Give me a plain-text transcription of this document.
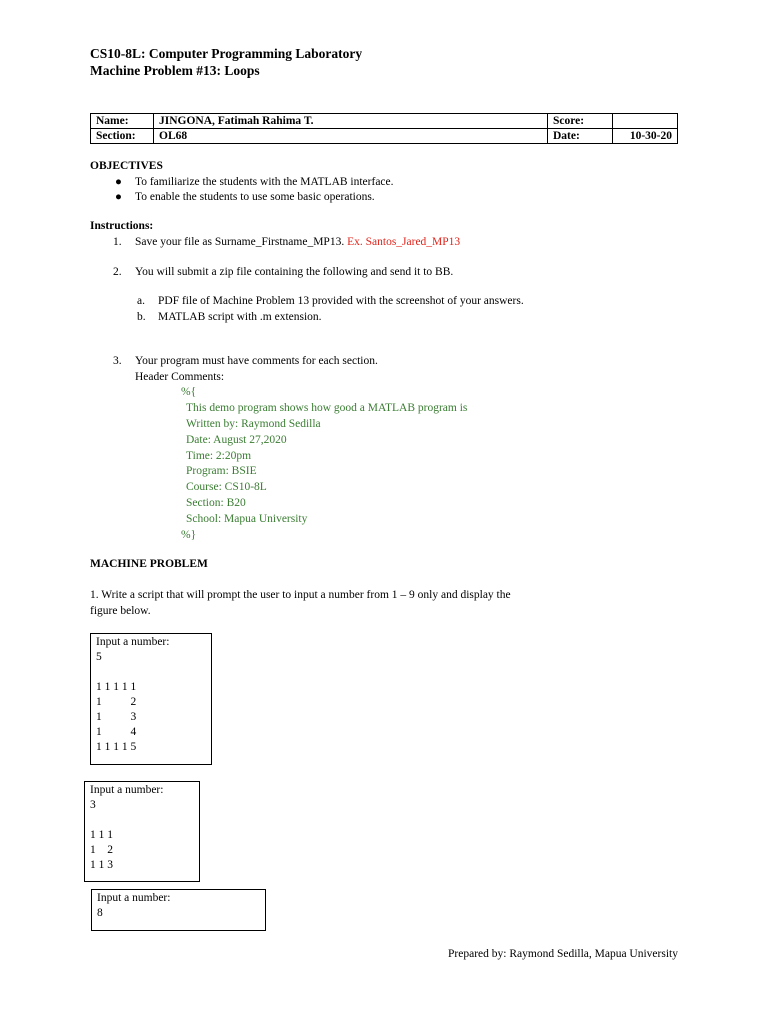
CS10-8L: Computer Programming Laboratory
Machine Problem #13: Loops
Name:	JINGONA, Fatimah Rahima T.	Score:	
Section:	OL68	Date:	10-30-20
OBJECTIVES
● To familiarize the students with the MATLAB interface.
● To enable the students to use some basic operations.
Instructions:
1. Save your file as Surname_Firstname_MP13. Ex. Santos_Jared_MP13
2. You will submit a zip file containing the following and send it to BB.
a. PDF file of Machine Problem 13 provided with the screenshot of your answers.
b. MATLAB script with .m extension.
3. Your program must have comments for each section.
Header Comments:
%{
This demo program shows how good a MATLAB program is
Written by: Raymond Sedilla
Date: August 27,2020
Time: 2:20pm
Program: BSIE
Course: CS10-8L
Section: B20
School: Mapua University
%}
MACHINE PROBLEM
1. Write a script that will prompt the user to input a number from 1 – 9 only and display the
figure below.
Input a number:
5
1 1 1 1 1
1          2
1          3
1          4
1 1 1 1 5
Input a number:
3
1 1 1
1    2
1 1 3
Input a number:
8
Prepared by: Raymond Sedilla, Mapua University
